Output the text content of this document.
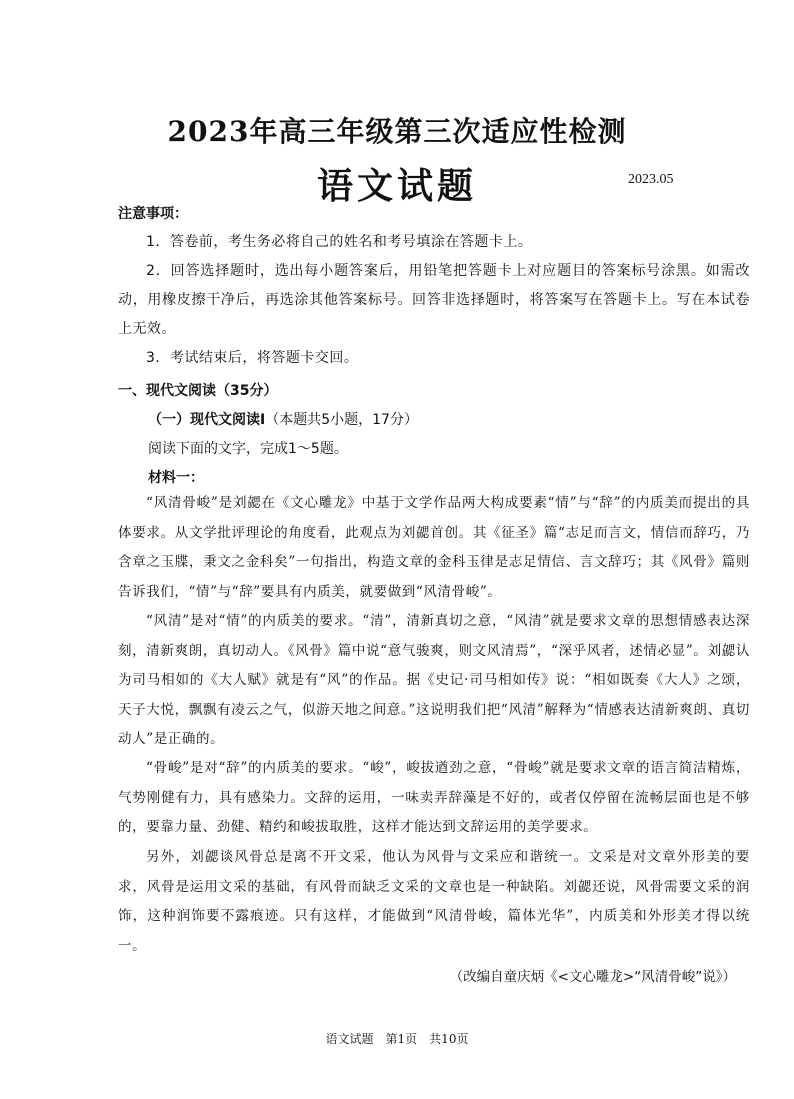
2023年高三年级第三次适应性检测
语文试题	2023.05
注意事项：
1．答卷前，考生务必将自己的姓名和考号填涂在答题卡上。
2．回答选择题时，选出每小题答案后，用铅笔把答题卡上对应题目的答案标号涂黑。如需改动，用橡皮擦干净后，再选涂其他答案标号。回答非选择题时，将答案写在答题卡上。写在本试卷上无效。
3．考试结束后，将答题卡交回。
一、现代文阅读（35分）
（一）现代文阅读Ⅰ（本题共5小题，17分）
阅读下面的文字，完成1～5题。
材料一：
“风清骨峻”是刘勰在《文心雕龙》中基于文学作品两大构成要素“情”与“辞”的内质美而提出的具体要求。从文学批评理论的角度看，此观点为刘勰首创。其《征圣》篇“志足而言文，情信而辞巧，乃含章之玉牒，秉文之金科矣”一句指出，构造文章的金科玉律是志足情信、言文辞巧；其《风骨》篇则告诉我们，“情”与“辞”要具有内质美，就要做到“风清骨峻”。
“风清”是对“情”的内质美的要求。“清”，清新真切之意，“风清”就是要求文章的思想情感表达深刻，清新爽朗，真切动人。《风骨》篇中说“意气骏爽，则文风清焉”，“深乎风者，述情必显”。刘勰认为司马相如的《大人赋》就是有“风”的作品。据《史记·司马相如传》说：“相如既奏《大人》之颂，天子大悦，飘飘有凌云之气，似游天地之间意。”这说明我们把“风清”解释为“情感表达清新爽朗、真切动人”是正确的。
“骨峻”是对“辞”的内质美的要求。“峻”，峻拔遒劲之意，“骨峻”就是要求文章的语言简洁精炼，气势刚健有力，具有感染力。文辞的运用，一味卖弄辞藻是不好的，或者仅停留在流畅层面也是不够的，要靠力量、劲健、精约和峻拔取胜，这样才能达到文辞运用的美学要求。
另外，刘勰谈风骨总是离不开文采，他认为风骨与文采应和谐统一。文采是对文章外形美的要求，风骨是运用文采的基础，有风骨而缺乏文采的文章也是一种缺陷。刘勰还说，风骨需要文采的润饰，这种润饰要不露痕迹。只有这样，才能做到“风清骨峻，篇体光华”，内质美和外形美才得以统一。
（改编自童庆炳《<文心雕龙>“风清骨峻”说》）
语文试题　第1页　共10页
